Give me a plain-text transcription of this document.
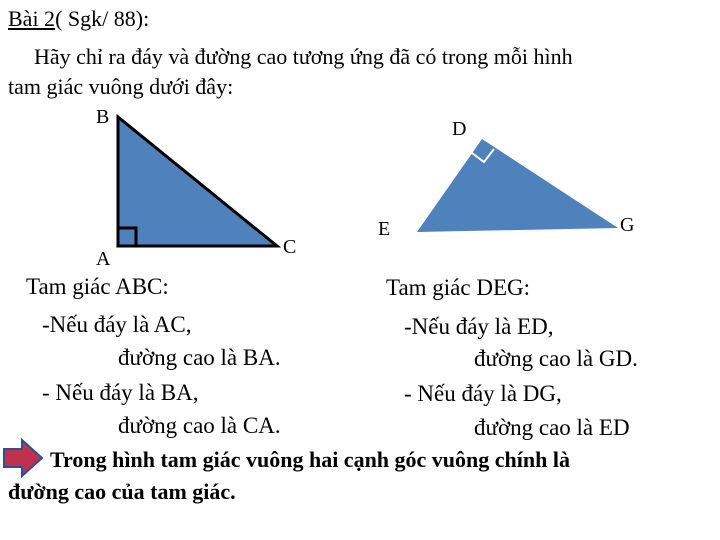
Bài 2( Sgk/ 88):
Hãy chỉ ra đáy và đường cao tương ứng đã có trong mỗi hình
tam giác vuông dưới đây:
B
A
C
D
E	G
Tam giác ABC:
-Nếu đáy là AC,
đường cao là BA.
- Nếu đáy là BA,
đường cao là CA.
Tam giác DEG:
-Nếu đáy là ED,
đường cao là GD.
- Nếu đáy là DG,
đường cao là ED
Trong hình tam giác vuông hai cạnh góc vuông chính là
đường cao của tam giác.
